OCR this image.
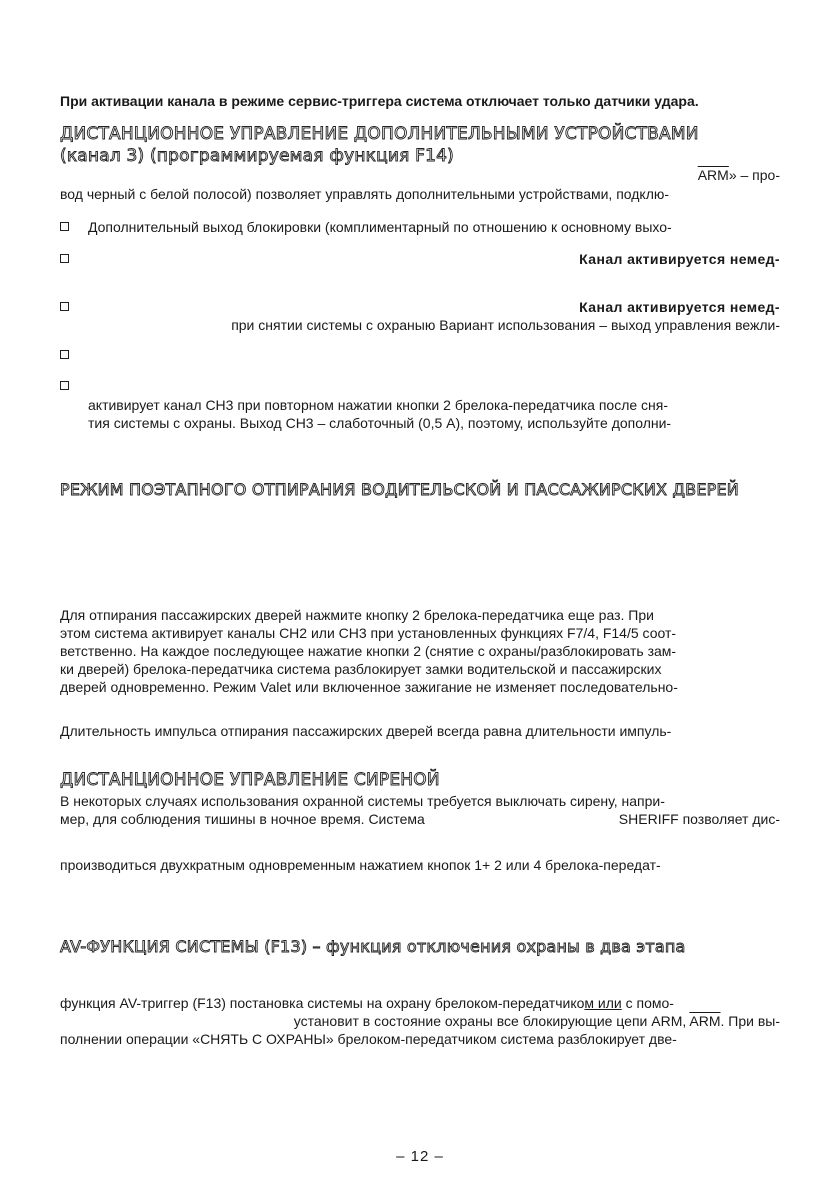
При активации канала в режиме сервис-триггера система отключает только датчики удара.
ДИСТАНЦИОННОЕ УПРАВЛЕНИЕ ДОПОЛНИТЕЛЬНЫМИ УСТРОЙСТВАМИ
(канал 3) (программируемая функция F14)
$\overline{ARM}$» – про-
вод черный с белой полосой) позволяет управлять дополнительными устройствами, подклю-
Дополнительный выход блокировки (комплиментарный по отношению к основному выхо-
Канал активируется немед-
Канал активируется немед-
при снятии системы с охраныю Вариант использования – выход управления вежли-
активирует канал СН3 при повторном нажатии кнопки 2 брелока-передатчика после сня-
тия системы с охраны. Выход СН3 – слаботочный (0,5 А), поэтому, используйте дополни-
РЕЖИМ ПОЭТАПНОГО ОТПИРАНИЯ ВОДИТЕЛЬСКОЙ И ПАССАЖИРСКИХ ДВЕРЕЙ
Для отпирания пассажирских дверей нажмите кнопку 2 брелока-передатчика еще раз. При
этом система активирует каналы СН2 или СН3 при установленных функциях F7/4, F14/5 соот-
ветственно. На каждое последующее нажатие кнопки 2 (снятие с охраны/разблокировать зам-
ки дверей) брелока-передатчика система разблокирует замки водительской и пассажирских
дверей одновременно. Режим Valet или включенное зажигание не изменяет последовательно-
Длительность импульса отпирания пассажирских дверей всегда равна длительности импуль-
ДИСТАНЦИОННОЕ УПРАВЛЕНИЕ СИРЕНОЙ
В некоторых случаях использования охранной системы требуется выключать сирену, напри-
мер, для соблюдения тишины в ночное время. Система	SHERIFF позволяет дис-
производиться двухкратным одновременным нажатием кнопок 1+ 2 или 4 брелока-передат-
AV-ФУНКЦИЯ СИСТЕМЫ (F13) – функция отключения охраны в два этапа
функция AV-триггер (F13) постановка системы на охрану брелоком-передатчиком или с помо-
установит в состояние охраны все блокирующие цепи ARM, $\overline{ARM}$. При вы-
полнении операции «СНЯТЬ С ОХРАНЫ» брелоком-передатчиком система разблокирует две-
– 12 –
